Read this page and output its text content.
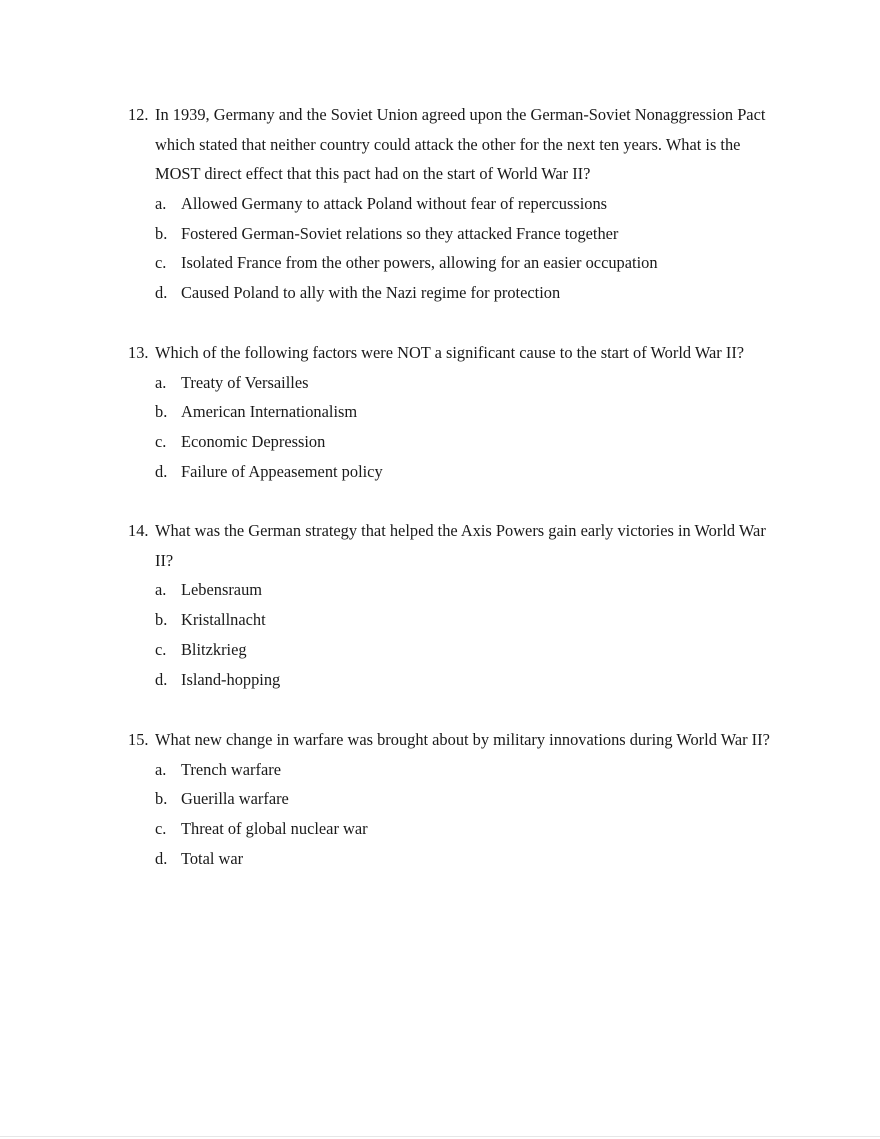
12. In 1939, Germany and the Soviet Union agreed upon the German-Soviet Nonaggression Pact which stated that neither country could attack the other for the next ten years. What is the MOST direct effect that this pact had on the start of World War II?
a. Allowed Germany to attack Poland without fear of repercussions
b. Fostered German-Soviet relations so they attacked France together
c. Isolated France from the other powers, allowing for an easier occupation
d. Caused Poland to ally with the Nazi regime for protection
13. Which of the following factors were NOT a significant cause to the start of World War II?
a. Treaty of Versailles
b. American Internationalism
c. Economic Depression
d. Failure of Appeasement policy
14. What was the German strategy that helped the Axis Powers gain early victories in World War II?
a. Lebensraum
b. Kristallnacht
c. Blitzkrieg
d. Island-hopping
15. What new change in warfare was brought about by military innovations during World War II?
a. Trench warfare
b. Guerilla warfare
c. Threat of global nuclear war
d. Total war
